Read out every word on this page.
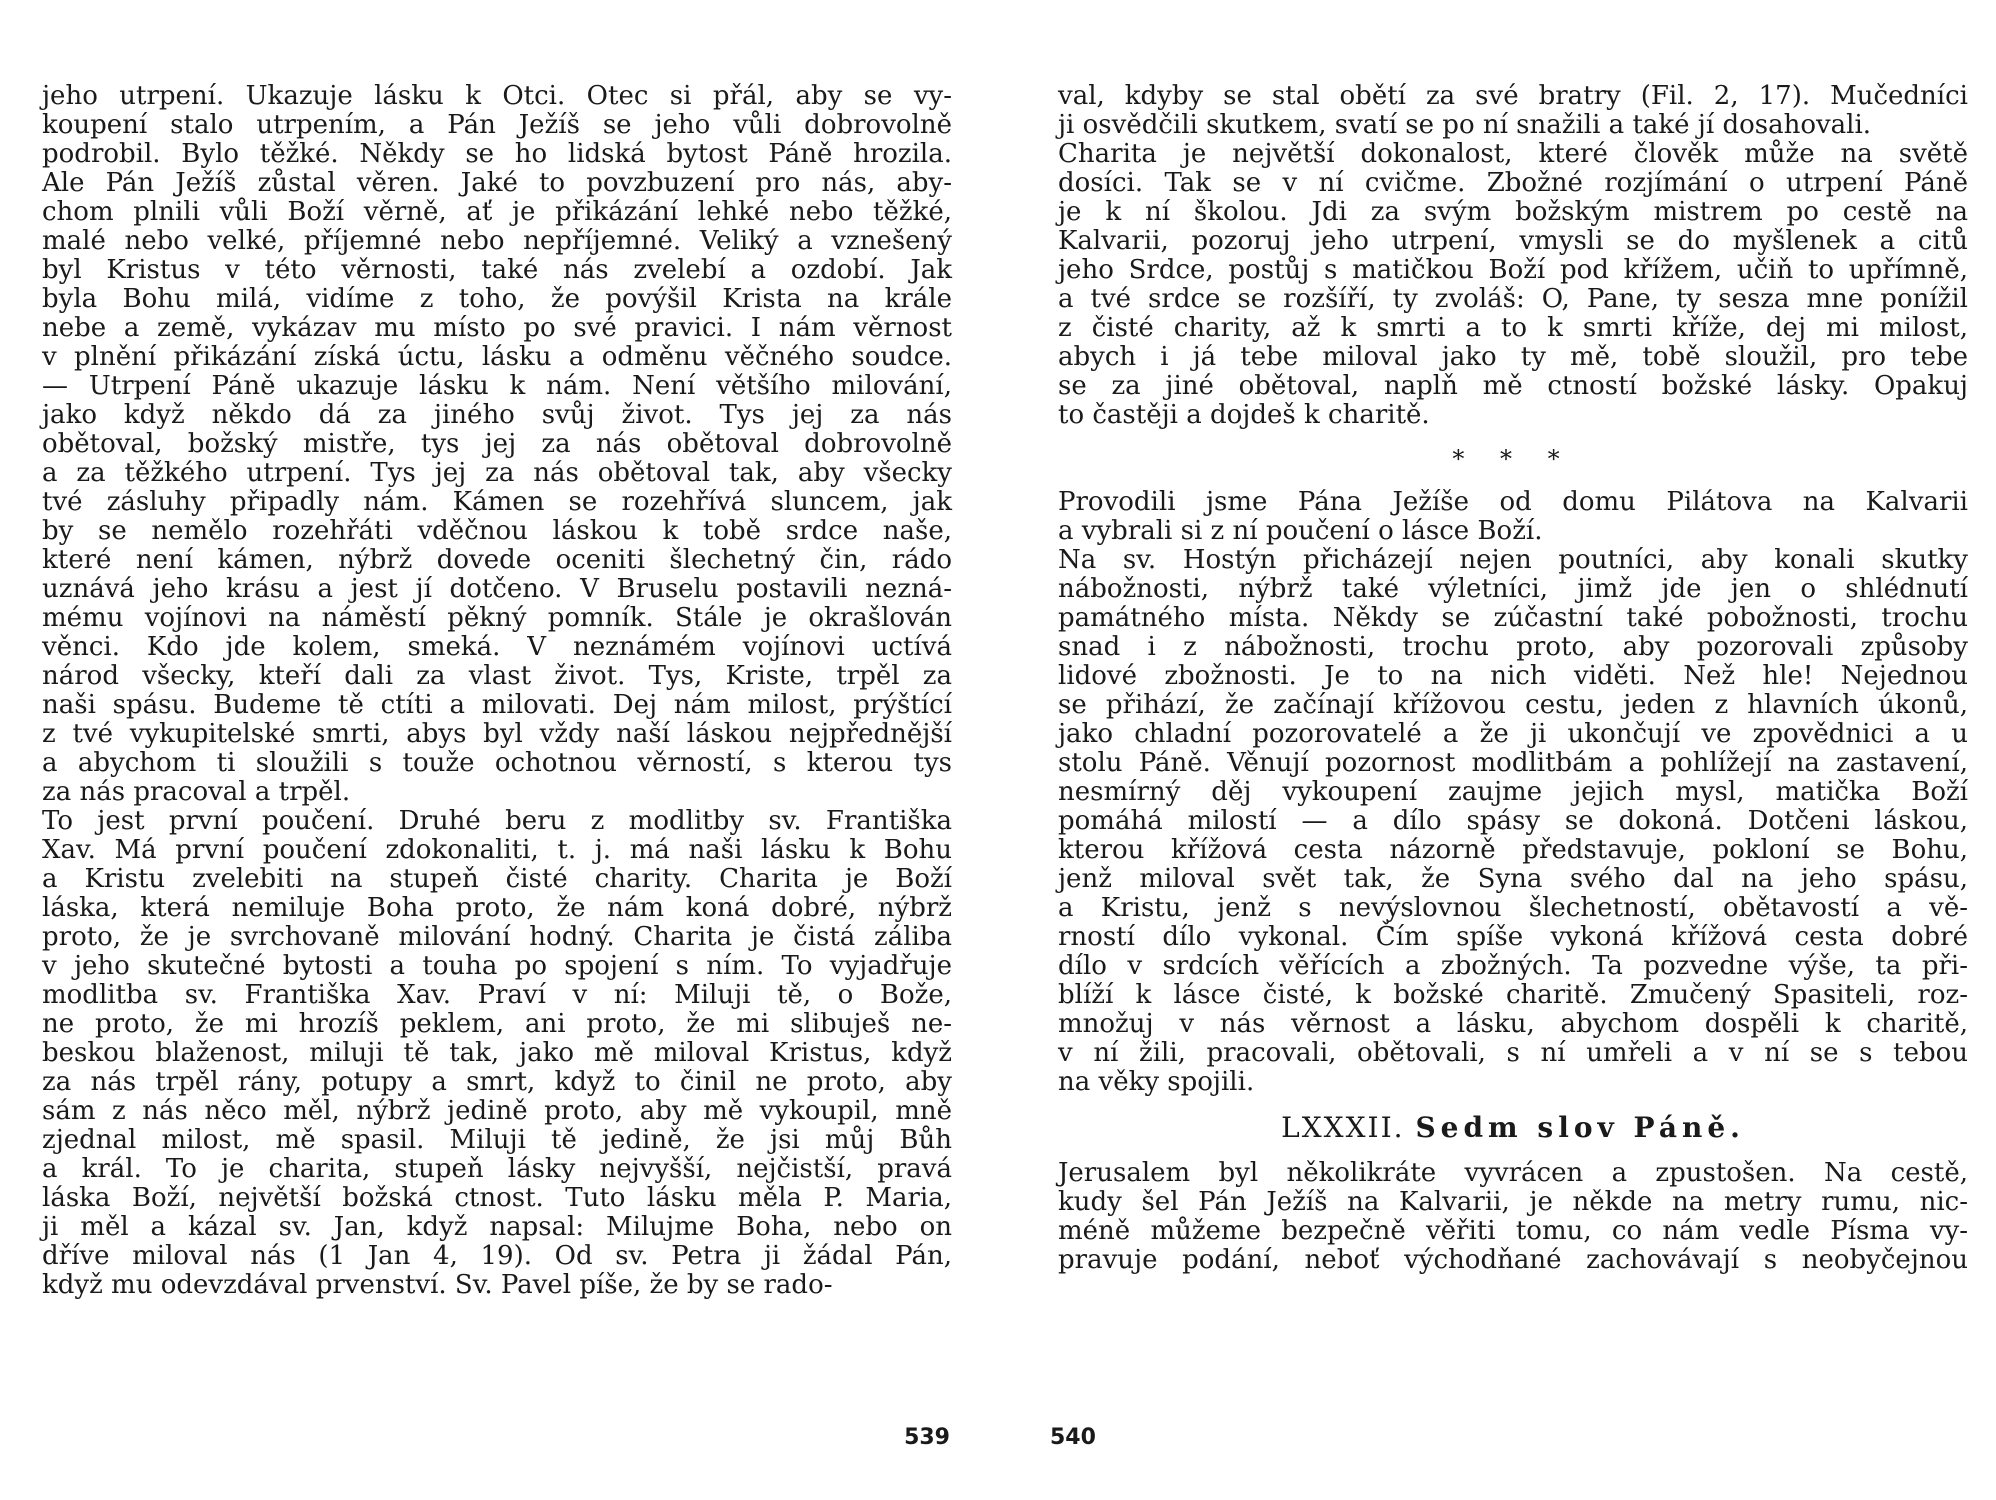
jeho utrpení. Ukazuje lásku k Otci. Otec si přál, aby se vy-
koupení stalo utrpením, a Pán Ježíš se jeho vůli dobrovolně
podrobil. Bylo těžké. Někdy se ho lidská bytost Páně hrozila.
Ale Pán Ježíš zůstal věren. Jaké to povzbuzení pro nás, aby-
chom plnili vůli Boží věrně, ať je přikázání lehké nebo těžké,
malé nebo velké, příjemné nebo nepříjemné. Veliký a vznešený
byl Kristus v této věrnosti, také nás zvelebí a ozdobí. Jak
byla Bohu milá, vidíme z toho, že povýšil Krista na krále
nebe a země, vykázav mu místo po své pravici. I nám věrnost
v plnění přikázání získá úctu, lásku a odměnu věčného soudce.
— Utrpení Páně ukazuje lásku k nám. Není většího milování,
jako když někdo dá za jiného svůj život. Tys jej za nás
obětoval, božský mistře, tys jej za nás obětoval dobrovolně
a za těžkého utrpení. Tys jej za nás obětoval tak, aby všecky
tvé zásluhy připadly nám. Kámen se rozehřívá sluncem, jak
by se nemělo rozehřáti vděčnou láskou k tobě srdce naše,
které není kámen, nýbrž dovede oceniti šlechetný čin, rádo
uznává jeho krásu a jest jí dotčeno. V Bruselu postavili nezná-
mému vojínovi na náměstí pěkný pomník. Stále je okrašlován
věnci. Kdo jde kolem, smeká. V neznámém vojínovi uctívá
národ všecky, kteří dali za vlast život. Tys, Kriste, trpěl za
naši spásu. Budeme tě ctíti a milovati. Dej nám milost, prýštící
z tvé vykupitelské smrti, abys byl vždy naší láskou nejpřednější
a abychom ti sloužili s touže ochotnou věrností, s kterou tys
za nás pracoval a trpěl.
To jest první poučení. Druhé beru z modlitby sv. Františka
Xav. Má první poučení zdokonaliti, t. j. má naši lásku k Bohu
a Kristu zvelebiti na stupeň čisté charity. Charita je Boží
láska, která nemiluje Boha proto, že nám koná dobré, nýbrž
proto, že je svrchovaně milování hodný. Charita je čistá záliba
v jeho skutečné bytosti a touha po spojení s ním. To vyjadřuje
modlitba sv. Františka Xav. Praví v ní: Miluji tě, o Bože,
ne proto, že mi hrozíš peklem, ani proto, že mi slibuješ ne-
beskou blaženost, miluji tě tak, jako mě miloval Kristus, když
za nás trpěl rány, potupy a smrt, když to činil ne proto, aby
sám z nás něco měl, nýbrž jedině proto, aby mě vykoupil, mně
zjednal milost, mě spasil. Miluji tě jedině, že jsi můj Bůh
a král. To je charita, stupeň lásky nejvyšší, nejčistší, pravá
láska Boží, největší božská ctnost. Tuto lásku měla P. Maria,
ji měl a kázal sv. Jan, když napsal: Milujme Boha, nebo on
dříve miloval nás (1 Jan 4, 19). Od sv. Petra ji žádal Pán,
když mu odevzdával prvenství. Sv. Pavel píše, že by se rado-
539
val, kdyby se stal obětí za své bratry (Fil. 2, 17). Mučedníci
ji osvědčili skutkem, svatí se po ní snažili a také jí dosahovali.
Charita je největší dokonalost, které člověk může na světě
dosíci. Tak se v ní cvičme. Zbožné rozjímání o utrpení Páně
je k ní školou. Jdi za svým božským mistrem po cestě na
Kalvarii, pozoruj jeho utrpení, vmysli se do myšlenek a citů
jeho Srdce, postůj s matičkou Boží pod křížem, učiň to upřímně,
a tvé srdce se rozšíří, ty zvoláš: O, Pane, ty sesza mne ponížil
z čisté charity, až k smrti a to k smrti kříže, dej mi milost,
abych i já tebe miloval jako ty mě, tobě sloužil, pro tebe
se za jiné obětoval, naplň mě ctností božské lásky. Opakuj
to častěji a dojdeš k charitě.
* * *
Provodili jsme Pána Ježíše od domu Pilátova na Kalvarii
a vybrali si z ní poučení o lásce Boží.
Na sv. Hostýn přicházejí nejen poutníci, aby konali skutky
nábožnosti, nýbrž také výletníci, jimž jde jen o shlédnutí
památného místa. Někdy se zúčastní také pobožnosti, trochu
snad i z nábožnosti, trochu proto, aby pozorovali způsoby
lidové zbožnosti. Je to na nich viděti. Než hle! Nejednou
se přihází, že začínají křížovou cestu, jeden z hlavních úkonů,
jako chladní pozorovatelé a že ji ukončují ve zpovědnici a u
stolu Páně. Věnují pozornost modlitbám a pohlížejí na zastavení,
nesmírný děj vykoupení zaujme jejich mysl, matička Boží
pomáhá milostí — a dílo spásy se dokoná. Dotčeni láskou,
kterou křížová cesta názorně představuje, pokloní se Bohu,
jenž miloval svět tak, že Syna svého dal na jeho spásu,
a Kristu, jenž s nevýslovnou šlechetností, obětavostí a vě-
rností dílo vykonal. Čím spíše vykoná křížová cesta dobré
dílo v srdcích věřících a zbožných. Ta pozvedne výše, ta při-
blíží k lásce čisté, k božské charitě. Zmučený Spasiteli, roz-
množuj v nás věrnost a lásku, abychom dospěli k charitě,
v ní žili, pracovali, obětovali, s ní umřeli a v ní se s tebou
na věky spojili.
LXXXII. Sedm slov Páně.
Jerusalem byl několikráte vyvrácen a zpustošen. Na cestě,
kudy šel Pán Ježíš na Kalvarii, je někde na metry rumu, nic-
méně můžeme bezpečně věřiti tomu, co nám vedle Písma vy-
pravuje podání, neboť východňané zachovávají s neobyčejnou
540
